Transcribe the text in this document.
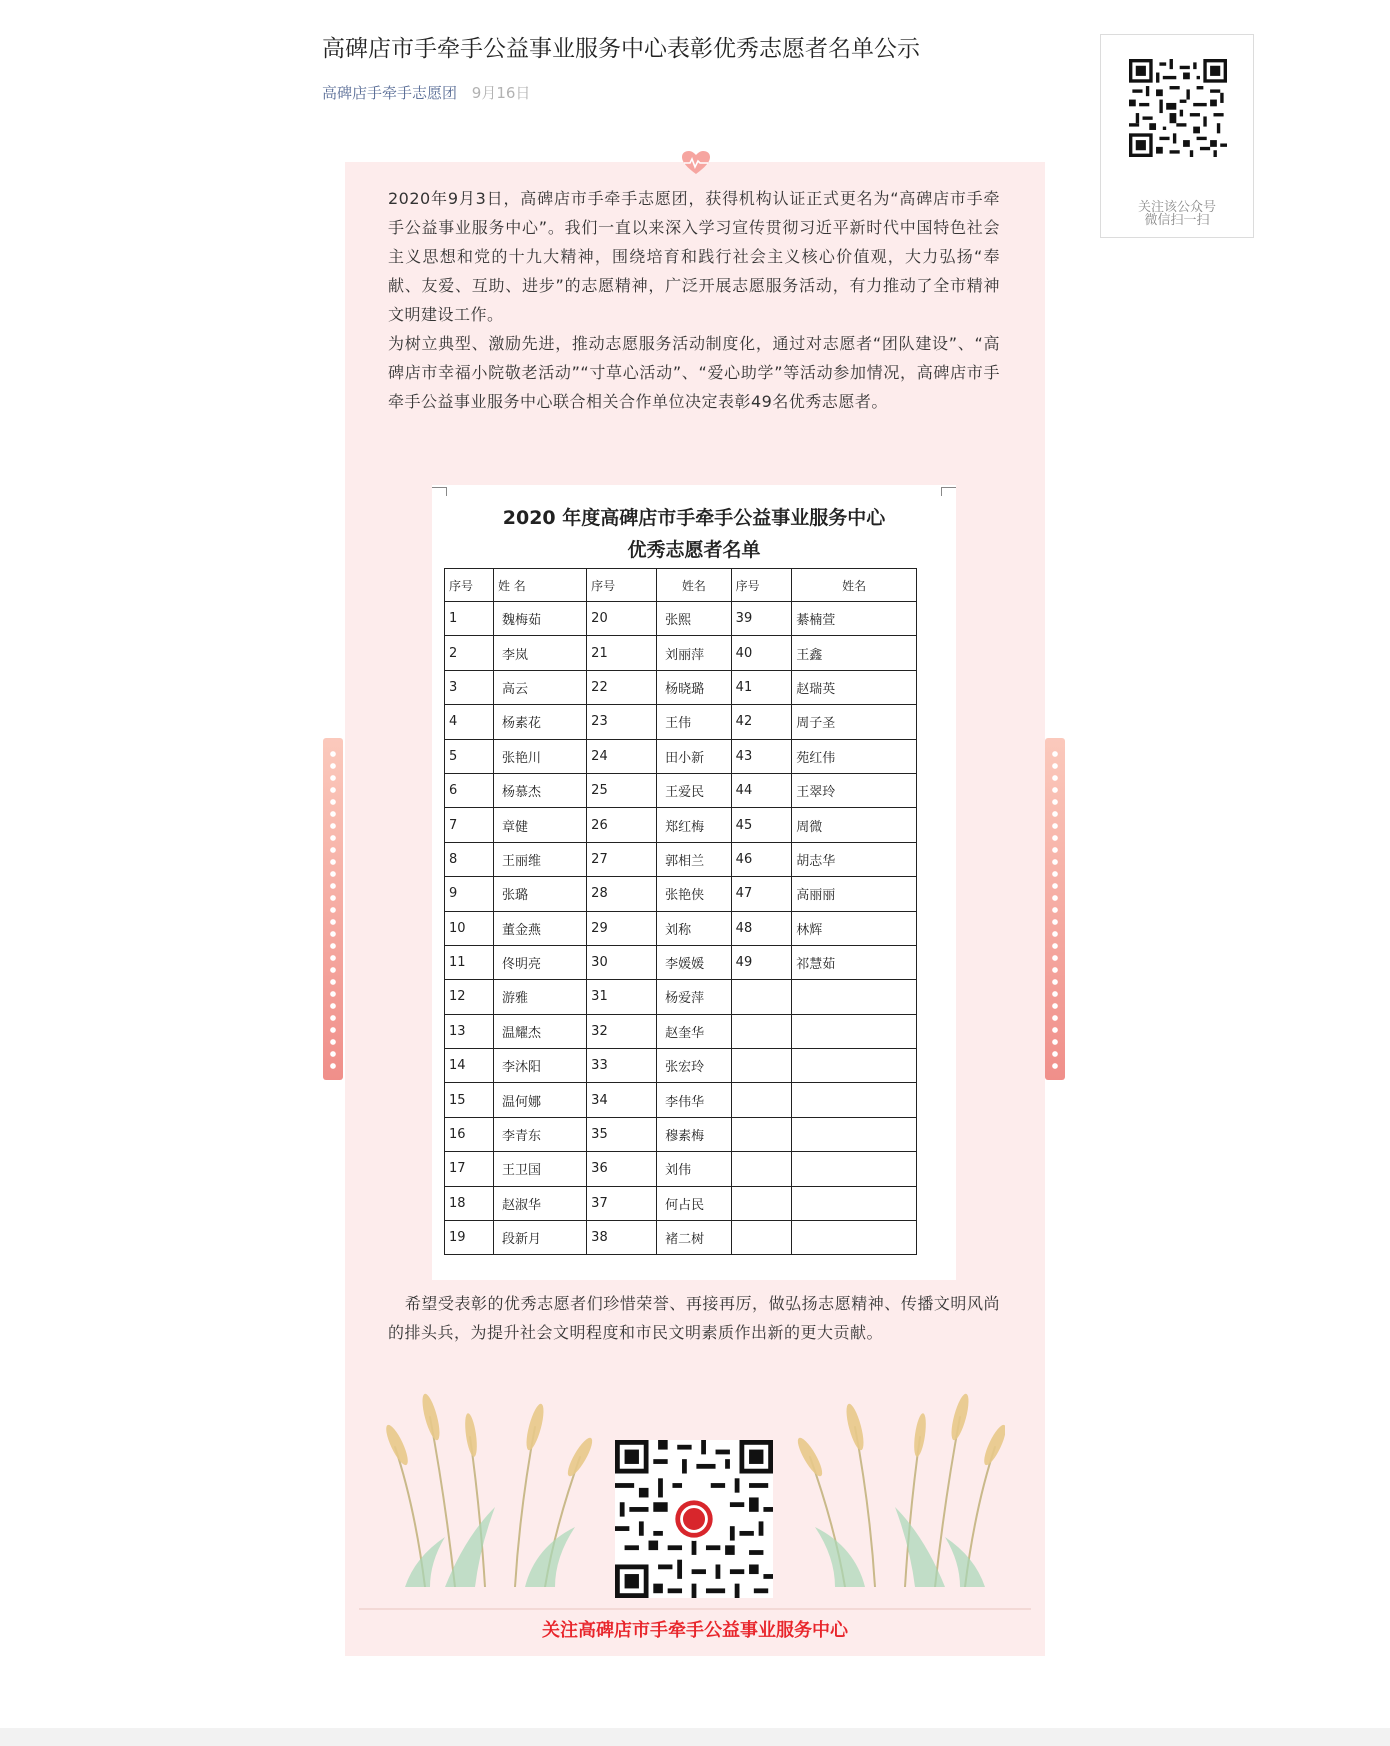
高碑店市手牵手公益事业服务中心表彰优秀志愿者名单公示
高碑店手牵手志愿团 9月16日
微信扫一扫
关注该公众号

2020年9月3日，高碑店市手牵手志愿团，获得机构认证正式更名为“高碑店市手牵手公益事业服务中心”。我们一直以来深入学习宣传贯彻习近平新时代中国特色社会主义思想和党的十九大精神，围绕培育和践行社会主义核心价值观，大力弘扬“奉献、友爱、互助、进步”的志愿精神，广泛开展志愿服务活动，有力推动了全市精神文明建设工作。

为树立典型、激励先进，推动志愿服务活动制度化，通过对志愿者“团队建设”、“高碑店市幸福小院敬老活动”“寸草心活动”、“爱心助学”等活动参加情况，高碑店市手牵手公益事业服务中心联合相关合作单位决定表彰49名优秀志愿者。

2020 年度高碑店市手牵手公益事业服务中心
优秀志愿者名单
序号	姓 名	序号	姓名	序号	姓名
1	魏梅茹	20	张熙	39	綦楠萱
2	李岚	21	刘丽萍	40	王鑫
3	高云	22	杨晓璐	41	赵瑞英
4	杨素花	23	王伟	42	周子圣
5	张艳川	24	田小新	43	苑红伟
6	杨慕杰	25	王爱民	44	王翠玲
7	章健	26	郑红梅	45	周微
8	王丽维	27	郭相兰	46	胡志华
9	张璐	28	张艳侠	47	高丽丽
10	董金燕	29	刘称	48	林辉
11	佟明亮	30	李媛媛	49	祁慧茹
12	游雅	31	杨爱萍		
13	温耀杰	32	赵奎华		
14	李沐阳	33	张宏玲		
15	温何娜	34	李伟华		
16	李青东	35	穆素梅		
17	王卫国	36	刘伟		
18	赵淑华	37	何占民		
19	段新月	38	褚二树		

希望受表彰的优秀志愿者们珍惜荣誉、再接再厉，做弘扬志愿精神、传播文明风尚的排头兵，为提升社会文明程度和市民文明素质作出新的更大贡献。

关注高碑店市手牵手公益事业服务中心
